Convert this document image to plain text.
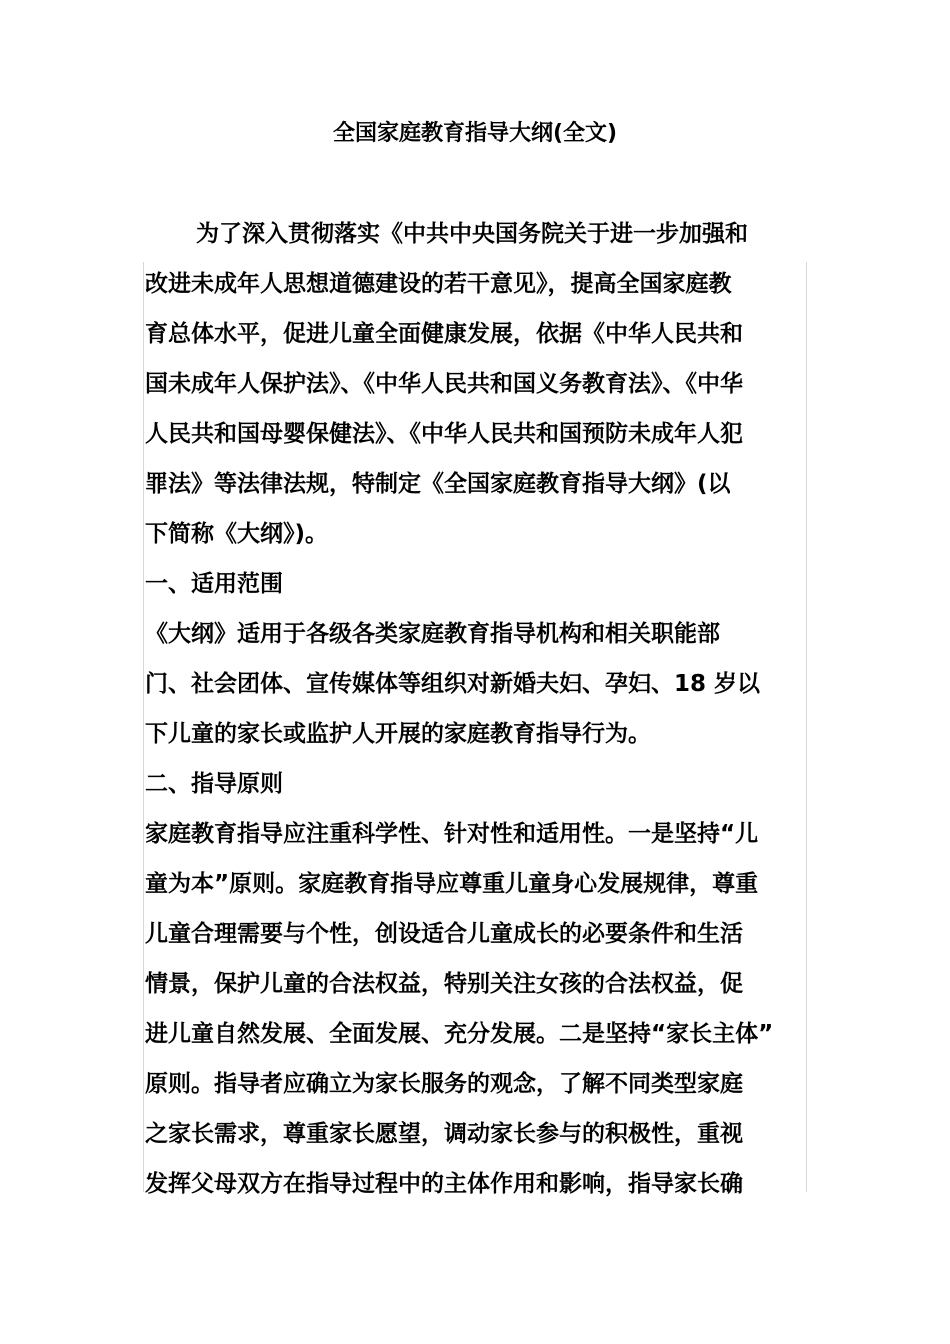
全国家庭教育指导大纲(全文)

为了深入贯彻落实《中共中央国务院关于进一步加强和

改进未成年人思想道德建设的若干意见》，提高全国家庭教

育总体水平，促进儿童全面健康发展，依据《中华人民共和

国未成年人保护法》、《中华人民共和国义务教育法》、《中华

人民共和国母婴保健法》、《中华人民共和国预防未成年人犯

罪法》等法律法规，特制定《全国家庭教育指导大纲》(以

下简称《大纲》)。

一、适用范围

《大纲》适用于各级各类家庭教育指导机构和相关职能部

门、社会团体、宣传媒体等组织对新婚夫妇、孕妇、18 岁以

下儿童的家长或监护人开展的家庭教育指导行为。

二、指导原则

家庭教育指导应注重科学性、针对性和适用性。一是坚持“儿

童为本”原则。家庭教育指导应尊重儿童身心发展规律，尊重

儿童合理需要与个性，创设适合儿童成长的必要条件和生活

情景，保护儿童的合法权益，特别关注女孩的合法权益，促

进儿童自然发展、全面发展、充分发展。二是坚持“家长主体”

原则。指导者应确立为家长服务的观念，了解不同类型家庭

之家长需求，尊重家长愿望，调动家长参与的积极性，重视

发挥父母双方在指导过程中的主体作用和影响，指导家长确
